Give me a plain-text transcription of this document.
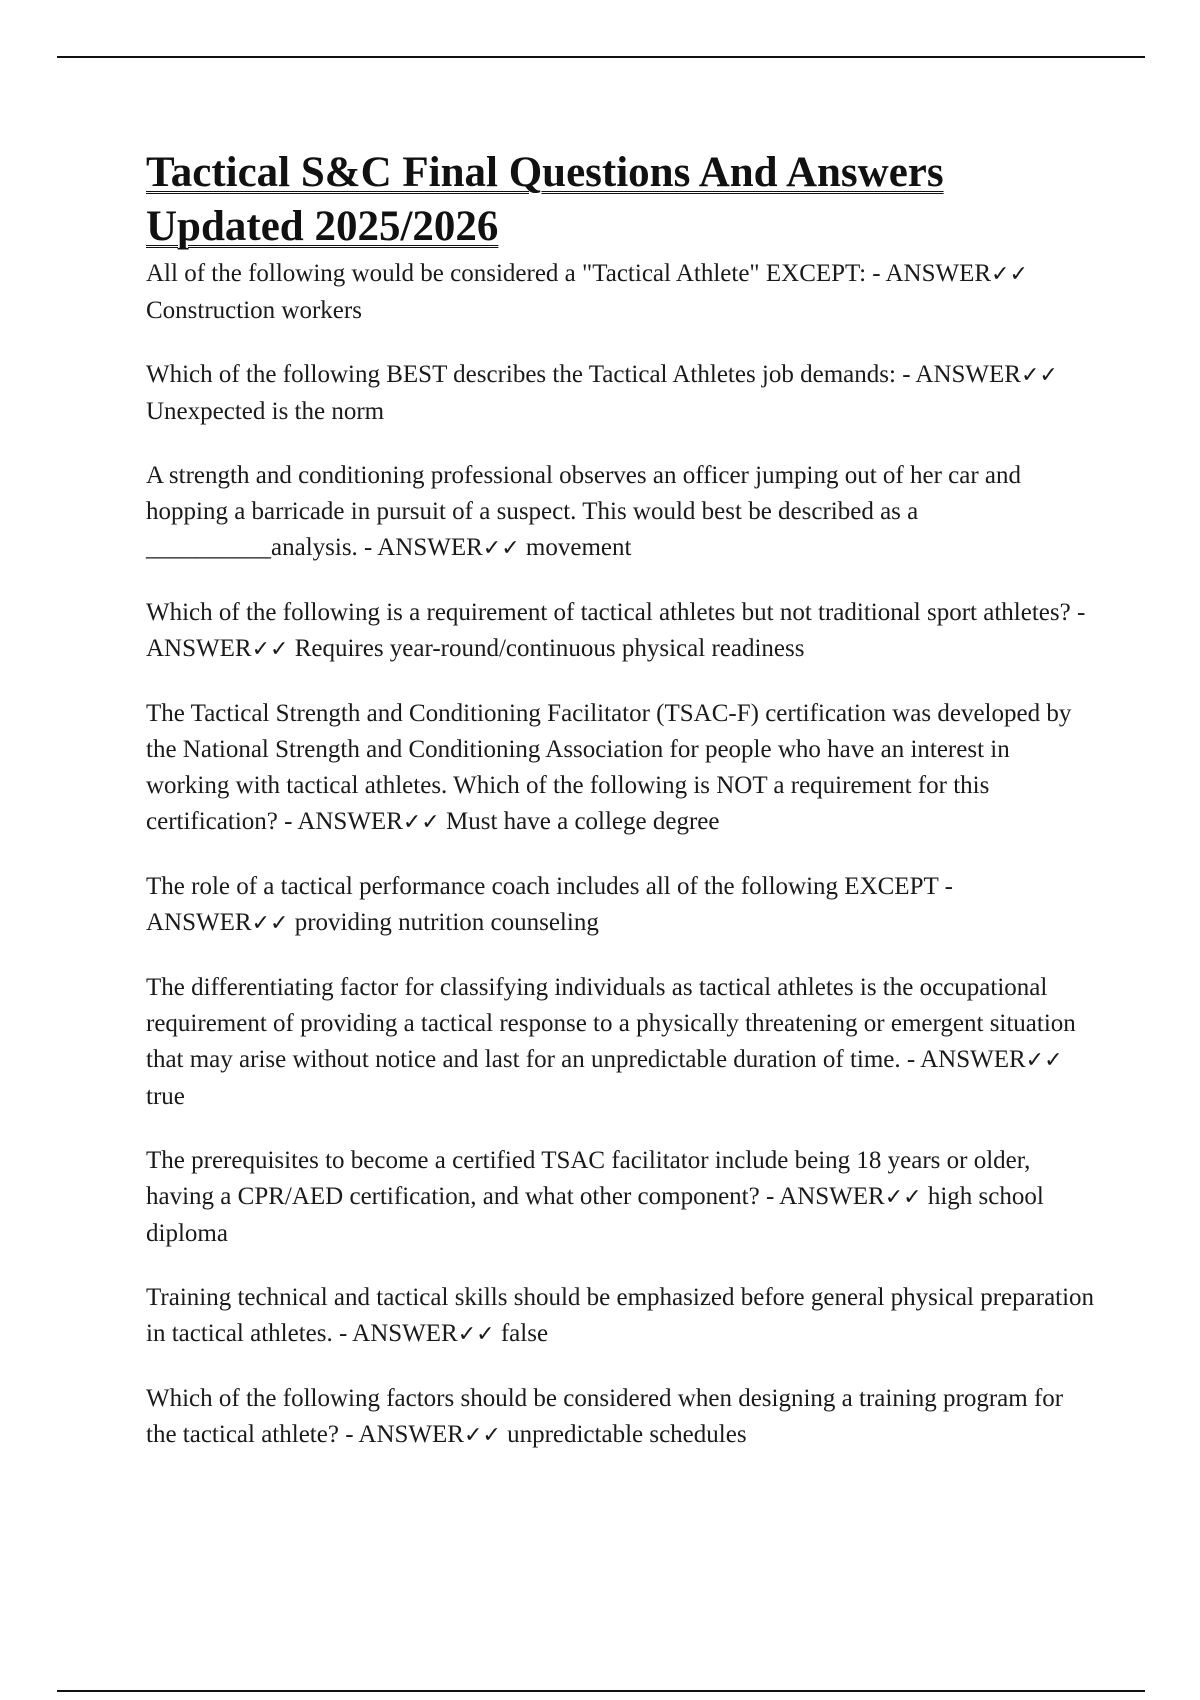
Tactical S&C Final Questions And Answers
Updated 2025/2026
All of the following would be considered a "Tactical Athlete" EXCEPT: - ANSWER✓✓ Construction workers
Which of the following BEST describes the Tactical Athletes job demands: - ANSWER✓✓ Unexpected is the norm
A strength and conditioning professional observes an officer jumping out of her car and hopping a barricade in pursuit of a suspect. This would best be described as a __________analysis. - ANSWER✓✓ movement
Which of the following is a requirement of tactical athletes but not traditional sport athletes? - ANSWER✓✓ Requires year-round/continuous physical readiness
The Tactical Strength and Conditioning Facilitator (TSAC-F) certification was developed by the National Strength and Conditioning Association for people who have an interest in working with tactical athletes. Which of the following is NOT a requirement for this certification? - ANSWER✓✓ Must have a college degree
The role of a tactical performance coach includes all of the following EXCEPT - ANSWER✓✓ providing nutrition counseling
The differentiating factor for classifying individuals as tactical athletes is the occupational requirement of providing a tactical response to a physically threatening or emergent situation that may arise without notice and last for an unpredictable duration of time. - ANSWER✓✓ true
The prerequisites to become a certified TSAC facilitator include being 18 years or older, having a CPR/AED certification, and what other component? - ANSWER✓✓ high school diploma
Training technical and tactical skills should be emphasized before general physical preparation in tactical athletes. - ANSWER✓✓ false
Which of the following factors should be considered when designing a training program for the tactical athlete? - ANSWER✓✓ unpredictable schedules
